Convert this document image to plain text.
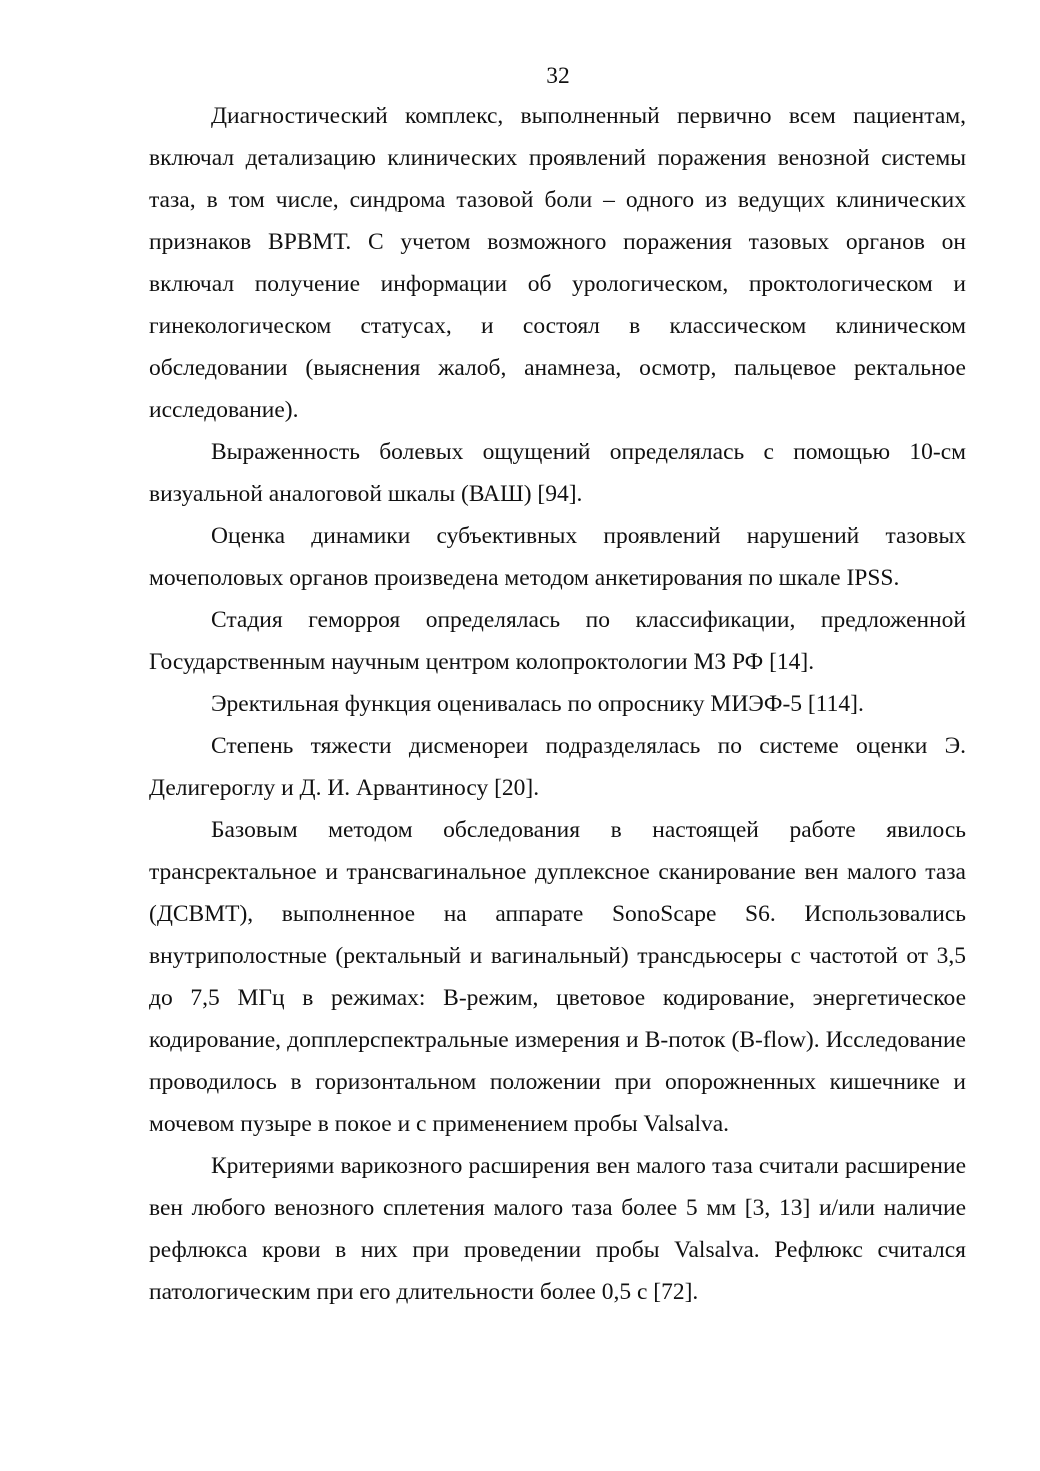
32

Диагностический комплекс, выполненный первично всем пациентам, включал детализацию клинических проявлений поражения венозной системы таза, в том числе, синдрома тазовой боли – одного из ведущих клинических признаков ВРВМТ. С учетом возможного поражения тазовых органов он включал получение информации об урологическом, проктологическом и гинекологическом статусах, и состоял в классическом клиническом обследовании (выяснения жалоб, анамнеза, осмотр, пальцевое ректальное исследование).

Выраженность болевых ощущений определялась с помощью 10-см визуальной аналоговой шкалы (ВАШ) [94].

Оценка динамики субъективных проявлений нарушений тазовых мочеполовых органов произведена методом анкетирования по шкале IPSS.

Стадия геморроя определялась по классификации, предложенной Государственным научным центром колопроктологии МЗ РФ [14].

Эректильная функция оценивалась по опроснику МИЭФ-5 [114].

Степень тяжести дисменореи подразделялась по системе оценки Э. Делигероглу и Д. И. Арвантиносу [20].

Базовым методом обследования в настоящей работе явилось трансректальное и трансвагинальное дуплексное сканирование вен малого таза (ДСВМТ), выполненное на аппарате SonoScape S6. Использовались внутриполостные (ректальный и вагинальный) трансдьюсеры с частотой от 3,5 до 7,5 МГц в режимах: В-режим, цветовое кодирование, энергетическое кодирование, допплерспектральные измерения и В-поток (B-flow). Исследование проводилось в горизонтальном положении при опорожненных кишечнике и мочевом пузыре в покое и с применением пробы Valsalva.

Критериями варикозного расширения вен малого таза считали расширение вен любого венозного сплетения малого таза более 5 мм [3, 13] и/или наличие рефлюкса крови в них при проведении пробы Valsalva. Рефлюкс считался патологическим при его длительности более 0,5 с [72].
